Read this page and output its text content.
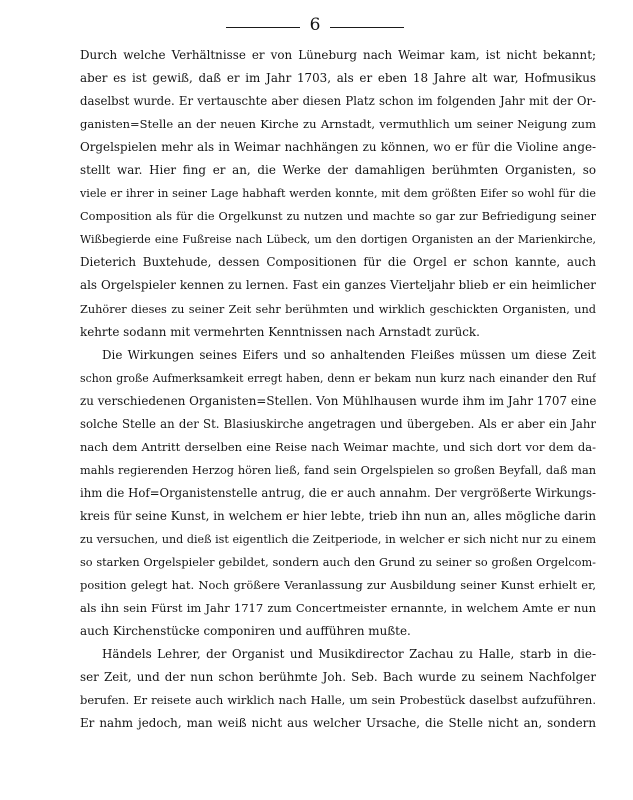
6
Durch welche Verhältnisse er von Lüneburg nach Weimar kam, ist nicht bekannt;
aber es ist gewiß, daß er im Jahr 1703, als er eben 18 Jahre alt war, Hofmusikus
daselbst wurde. Er vertauschte aber diesen Platz schon im folgenden Jahr mit der Or-
ganisten=Stelle an der neuen Kirche zu Arnstadt, vermuthlich um seiner Neigung zum
Orgelspielen mehr als in Weimar nachhängen zu können, wo er für die Violine ange-
stellt war. Hier fing er an, die Werke der damahligen berühmten Organisten, so
viele er ihrer in seiner Lage habhaft werden konnte, mit dem größten Eifer so wohl für die
Composition als für die Orgelkunst zu nutzen und machte so gar zur Befriedigung seiner
Wißbegierde eine Fußreise nach Lübeck, um den dortigen Organisten an der Marienkirche,
Dieterich Buxtehude, dessen Compositionen für die Orgel er schon kannte, auch
als Orgelspieler kennen zu lernen. Fast ein ganzes Vierteljahr blieb er ein heimlicher
Zuhörer dieses zu seiner Zeit sehr berühmten und wirklich geschickten Organisten, und
kehrte sodann mit vermehrten Kenntnissen nach Arnstadt zurück.
Die Wirkungen seines Eifers und so anhaltenden Fleißes müssen um diese Zeit
schon große Aufmerksamkeit erregt haben, denn er bekam nun kurz nach einander den Ruf
zu verschiedenen Organisten=Stellen. Von Mühlhausen wurde ihm im Jahr 1707 eine
solche Stelle an der St. Blasiuskirche angetragen und übergeben. Als er aber ein Jahr
nach dem Antritt derselben eine Reise nach Weimar machte, und sich dort vor dem da-
mahls regierenden Herzog hören ließ, fand sein Orgelspielen so großen Beyfall, daß man
ihm die Hof=Organistenstelle antrug, die er auch annahm. Der vergrößerte Wirkungs-
kreis für seine Kunst, in welchem er hier lebte, trieb ihn nun an, alles mögliche darin
zu versuchen, und dieß ist eigentlich die Zeitperiode, in welcher er sich nicht nur zu einem
so starken Orgelspieler gebildet, sondern auch den Grund zu seiner so großen Orgelcom-
position gelegt hat. Noch größere Veranlassung zur Ausbildung seiner Kunst erhielt er,
als ihn sein Fürst im Jahr 1717 zum Concertmeister ernannte, in welchem Amte er nun
auch Kirchenstücke componiren und aufführen mußte.
Händels Lehrer, der Organist und Musikdirector Zachau zu Halle, starb in die-
ser Zeit, und der nun schon berühmte Joh. Seb. Bach wurde zu seinem Nachfolger
berufen. Er reisete auch wirklich nach Halle, um sein Probestück daselbst aufzuführen.
Er nahm jedoch, man weiß nicht aus welcher Ursache, die Stelle nicht an, sondern
